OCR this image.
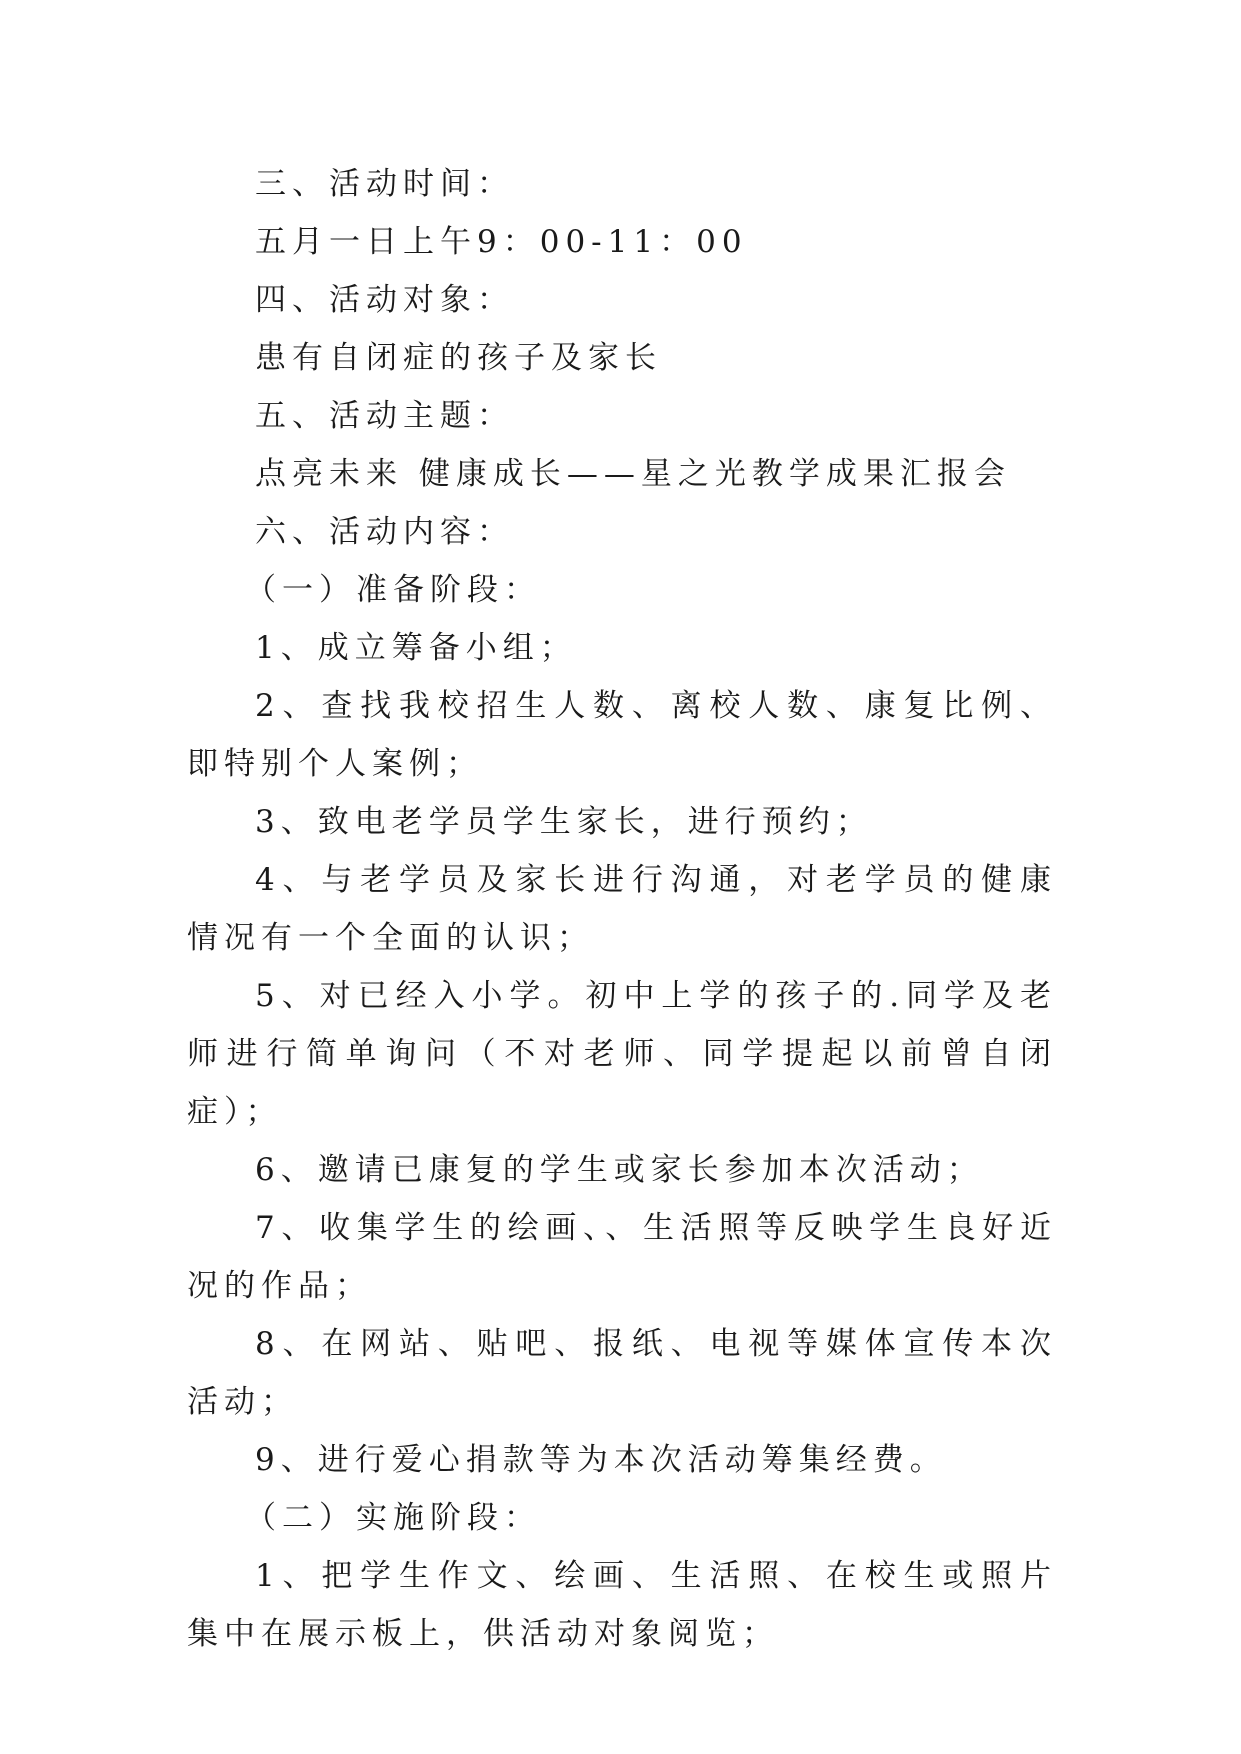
三、活动时间：

五月一日上午9：00-11：00

四、活动对象：

患有自闭症的孩子及家长

五、活动主题：

点亮未来 健康成长——星之光教学成果汇报会

六、活动内容：

（一）准备阶段：

1、成立筹备小组；

2、查找我校招生人数、离校人数、康复比例、即特别个人案例；

3、致电老学员学生家长，进行预约；

4、与老学员及家长进行沟通，对老学员的健康情况有一个全面的认识；

5、对已经入小学。初中上学的孩子的.同学及老师进行简单询问（不对老师、同学提起以前曾自闭症）；

6、邀请已康复的学生或家长参加本次活动；

7、收集学生的绘画、、生活照等反映学生良好近况的作品；

8、在网站、贴吧、报纸、电视等媒体宣传本次活动；

9、进行爱心捐款等为本次活动筹集经费。

（二）实施阶段：

1、把学生作文、绘画、生活照、在校生或照片集中在展示板上，供活动对象阅览；
